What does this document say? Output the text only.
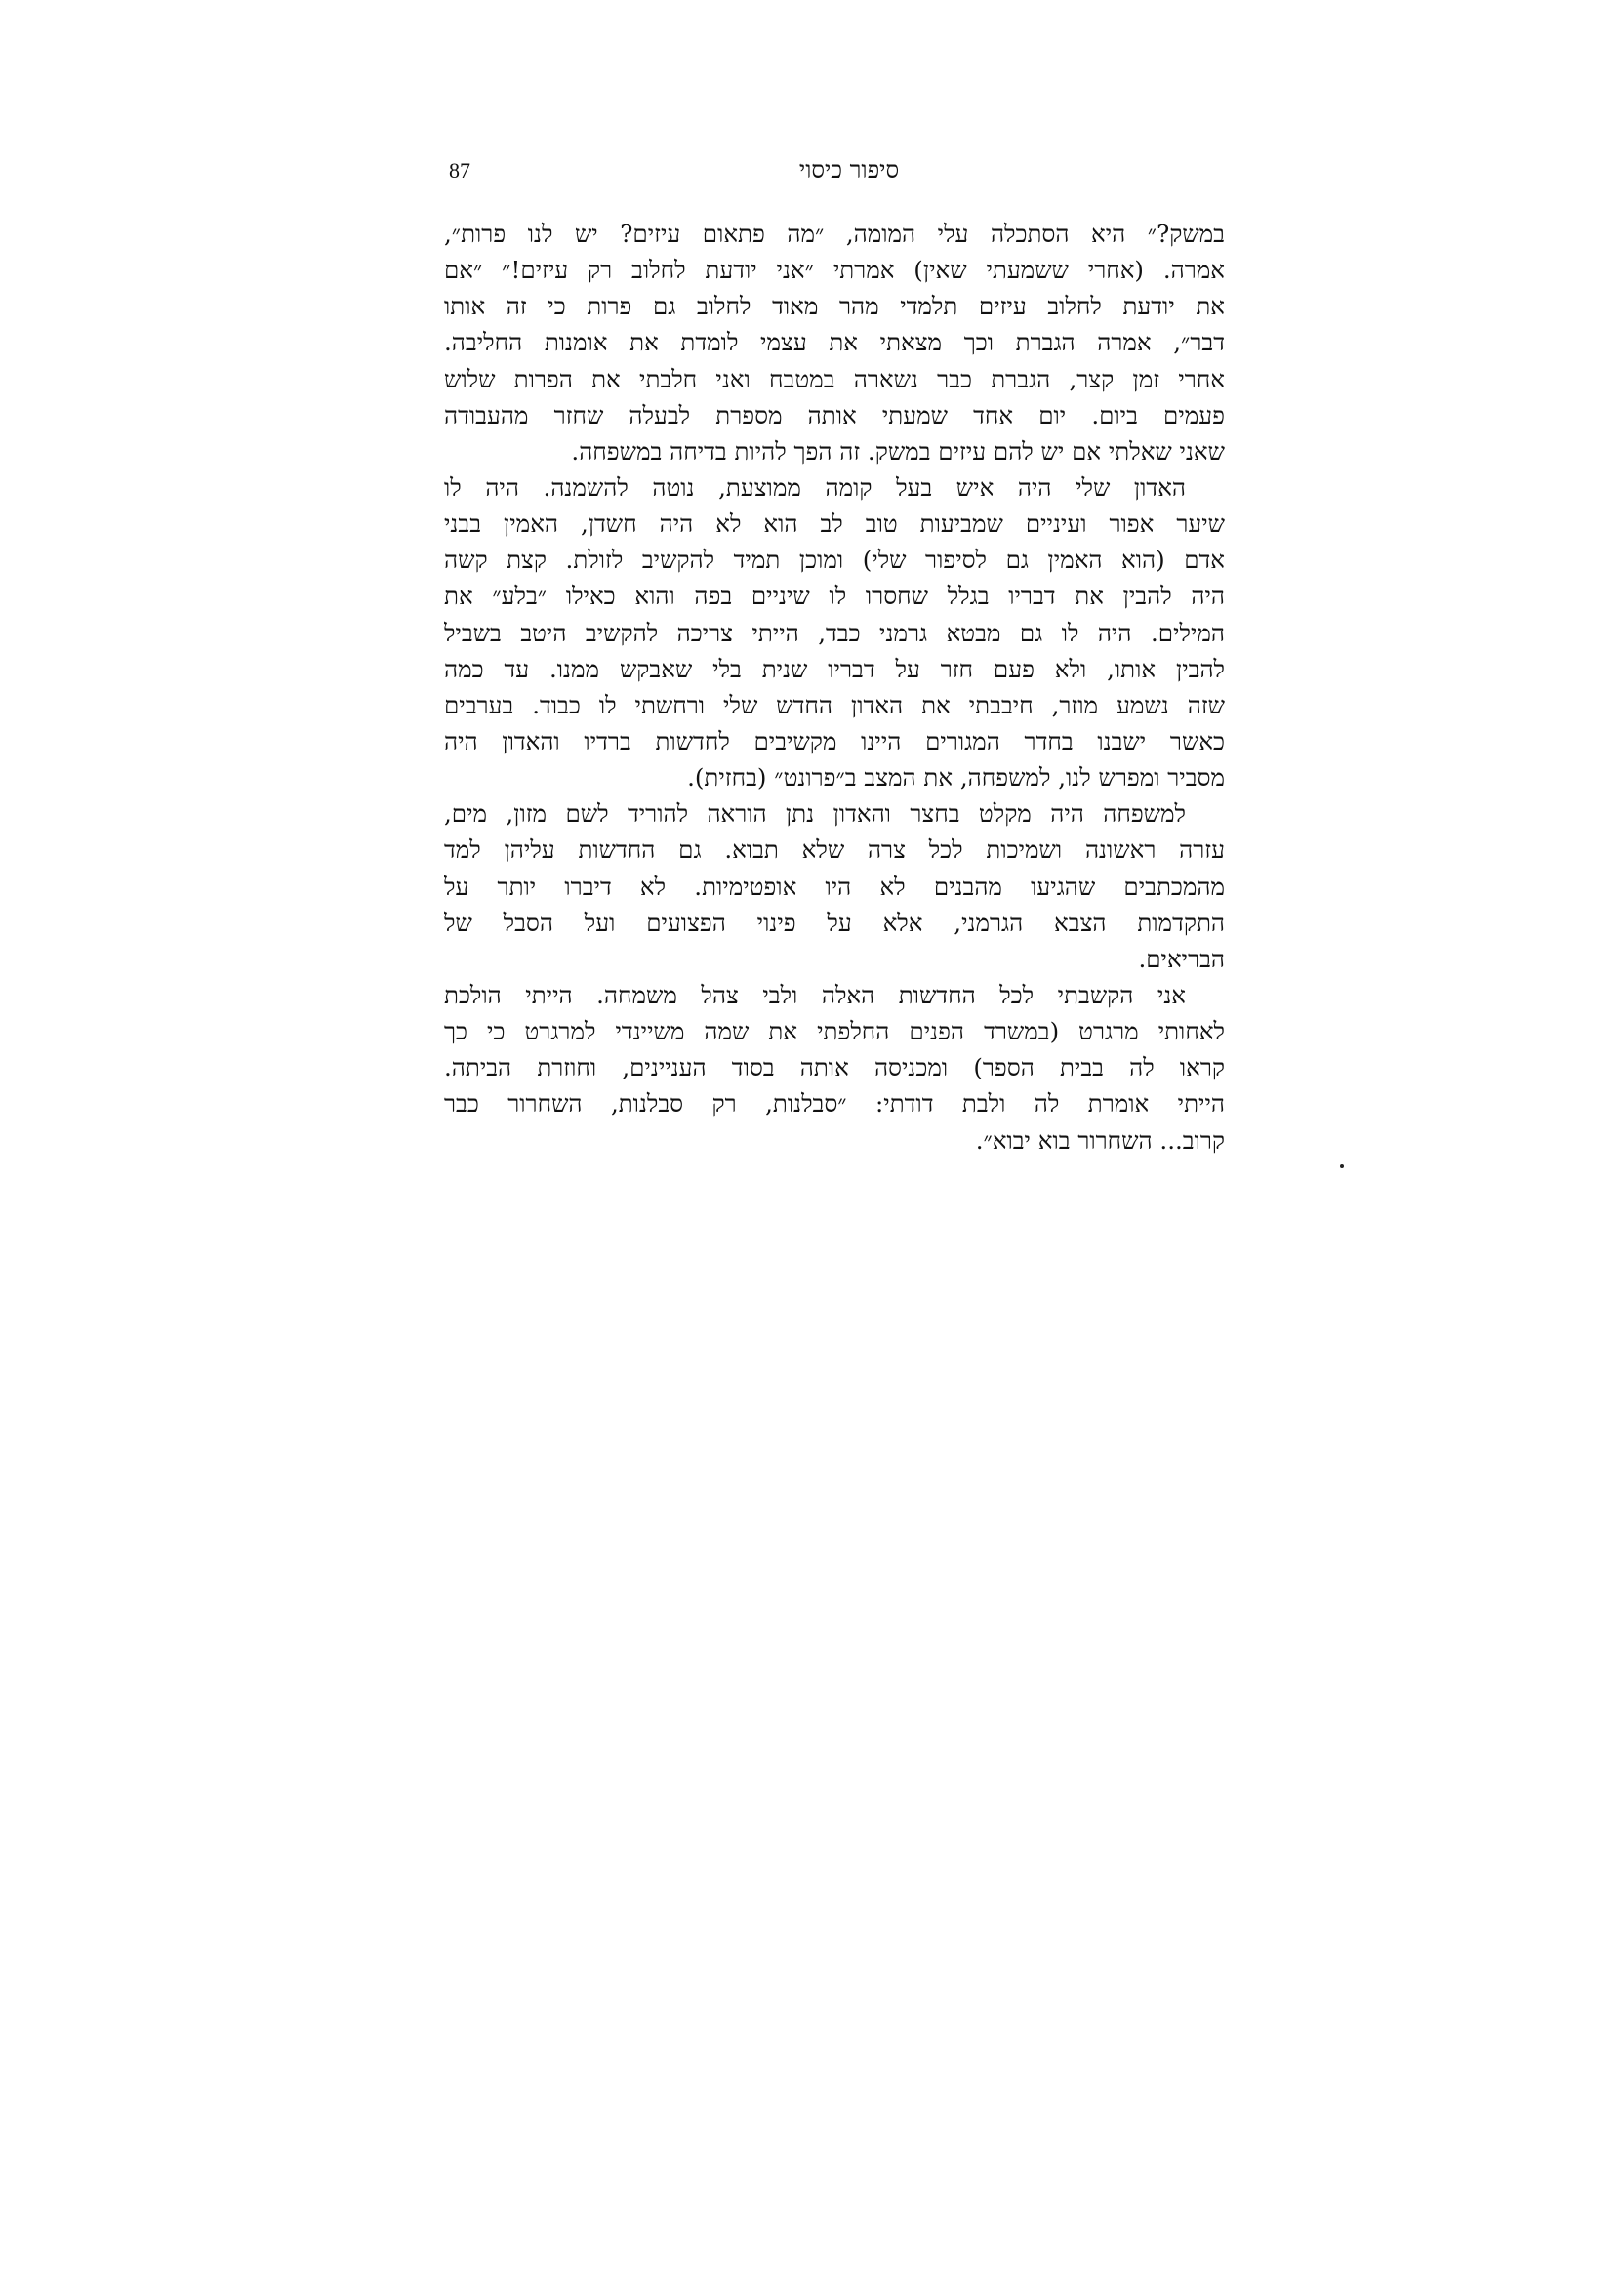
87	סיפור כיסוי
במשק?״ היא הסתכלה עלי המומה, ״מה פתאום עיזים? יש לנו פרות״,
אמרה. (אחרי ששמעתי שאין) אמרתי ״אני יודעת לחלוב רק עיזים!״ ״אם
את יודעת לחלוב עיזים תלמדי מהר מאוד לחלוב גם פרות כי זה אותו
דבר״, אמרה הגברת וכך מצאתי את עצמי לומדת את אומנות החליבה.
אחרי זמן קצר, הגברת כבר נשארה במטבח ואני חלבתי את הפרות שלוש
פעמים ביום. יום אחד שמעתי אותה מספרת לבעלה שחזר מהעבודה
שאני שאלתי אם יש להם עיזים במשק. זה הפך להיות בדיחה במשפחה.
האדון שלי היה איש בעל קומה ממוצעת, נוטה להשמנה. היה לו
שיער אפור ועיניים שמביעות טוב לב הוא לא היה חשדן, האמין בבני
אדם (הוא האמין גם לסיפור שלי) ומוכן תמיד להקשיב לזולת. קצת קשה
היה להבין את דבריו בגלל שחסרו לו שיניים בפה והוא כאילו ״בלע״ את
המילים. היה לו גם מבטא גרמני כבד, הייתי צריכה להקשיב היטב בשביל
להבין אותו, ולא פעם חזר על דבריו שנית בלי שאבקש ממנו. עד כמה
שזה נשמע מוזר, חיבבתי את האדון החדש שלי ורחשתי לו כבוד. בערבים
כאשר ישבנו בחדר המגורים היינו מקשיבים לחדשות ברדיו והאדון היה
מסביר ומפרש לנו, למשפחה, את המצב ב״פרונט״ (בחזית).
למשפחה היה מקלט בחצר והאדון נתן הוראה להוריד לשם מזון, מים,
עזרה ראשונה ושמיכות לכל צרה שלא תבוא. גם החדשות עליהן למד
מהמכתבים שהגיעו מהבנים לא היו אופטימיות. לא דיברו יותר על
התקדמות הצבא הגרמני, אלא על פינוי הפצועים ועל הסבל של
הבריאים.
אני הקשבתי לכל החדשות האלה ולבי צהל משמחה. הייתי הולכת
לאחותי מרגרט (במשרד הפנים החלפתי את שמה משיינדי למרגרט כי כך
קראו לה בבית הספר) ומכניסה אותה בסוד העניינים, וחוזרת הביתה.
הייתי אומרת לה ולבת דודתי: ״סבלנות, רק סבלנות, השחרור כבר
קרוב... השחרור בוא יבוא״.
